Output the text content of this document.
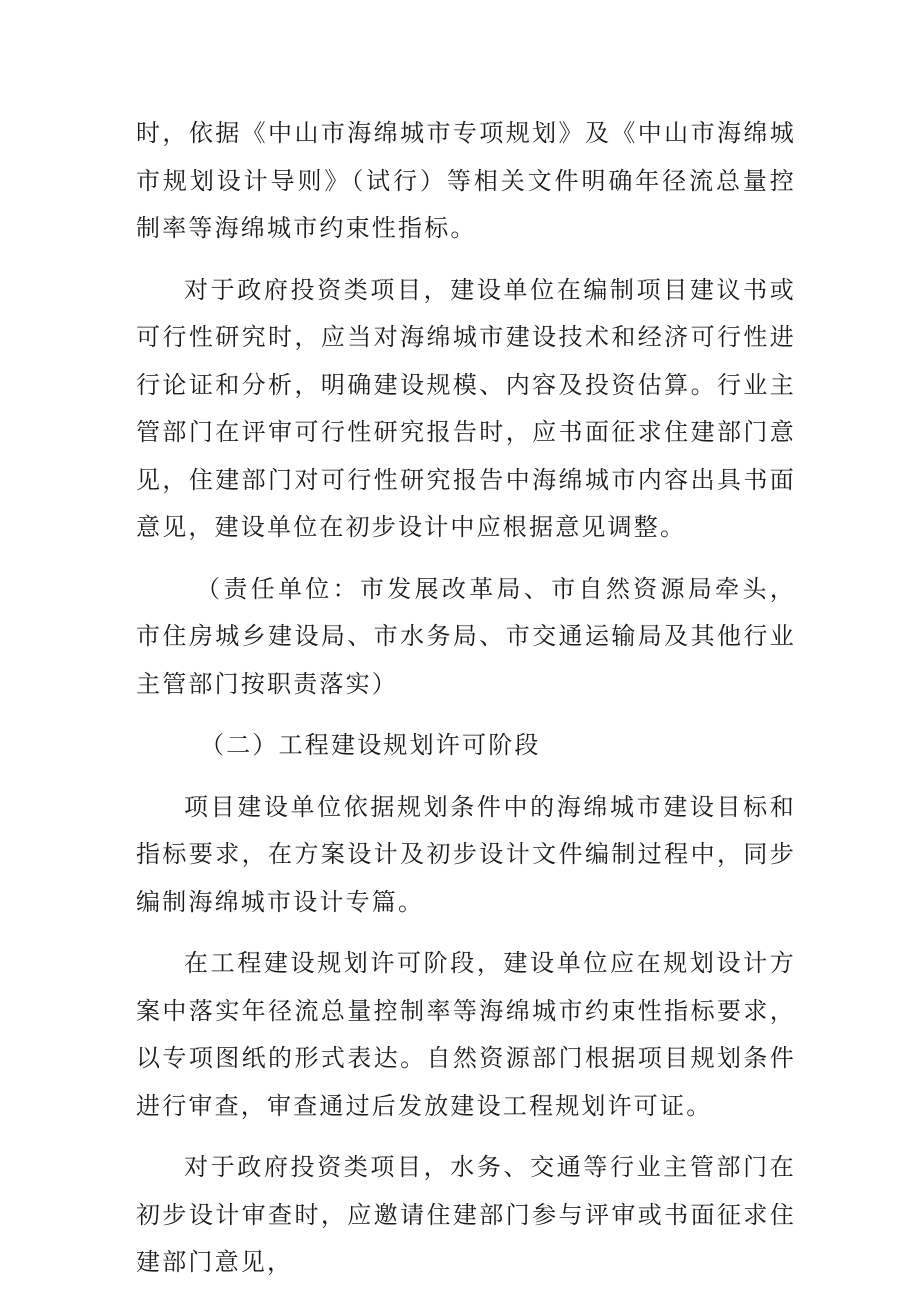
时，依据《中山市海绵城市专项规划》及《中山市海绵城市规划设计导则》（试行）等相关文件明确年径流总量控制率等海绵城市约束性指标。

对于政府投资类项目，建设单位在编制项目建议书或可行性研究时，应当对海绵城市建设技术和经济可行性进行论证和分析，明确建设规模、内容及投资估算。行业主管部门在评审可行性研究报告时，应书面征求住建部门意见，住建部门对可行性研究报告中海绵城市内容出具书面意见，建设单位在初步设计中应根据意见调整。

（责任单位：市发展改革局、市自然资源局牵头，市住房城乡建设局、市水务局、市交通运输局及其他行业主管部门按职责落实）

（二）工程建设规划许可阶段

项目建设单位依据规划条件中的海绵城市建设目标和指标要求，在方案设计及初步设计文件编制过程中，同步编制海绵城市设计专篇。

在工程建设规划许可阶段，建设单位应在规划设计方案中落实年径流总量控制率等海绵城市约束性指标要求，以专项图纸的形式表达。自然资源部门根据项目规划条件进行审查，审查通过后发放建设工程规划许可证。

对于政府投资类项目，水务、交通等行业主管部门在初步设计审查时，应邀请住建部门参与评审或书面征求住建部门意见，
